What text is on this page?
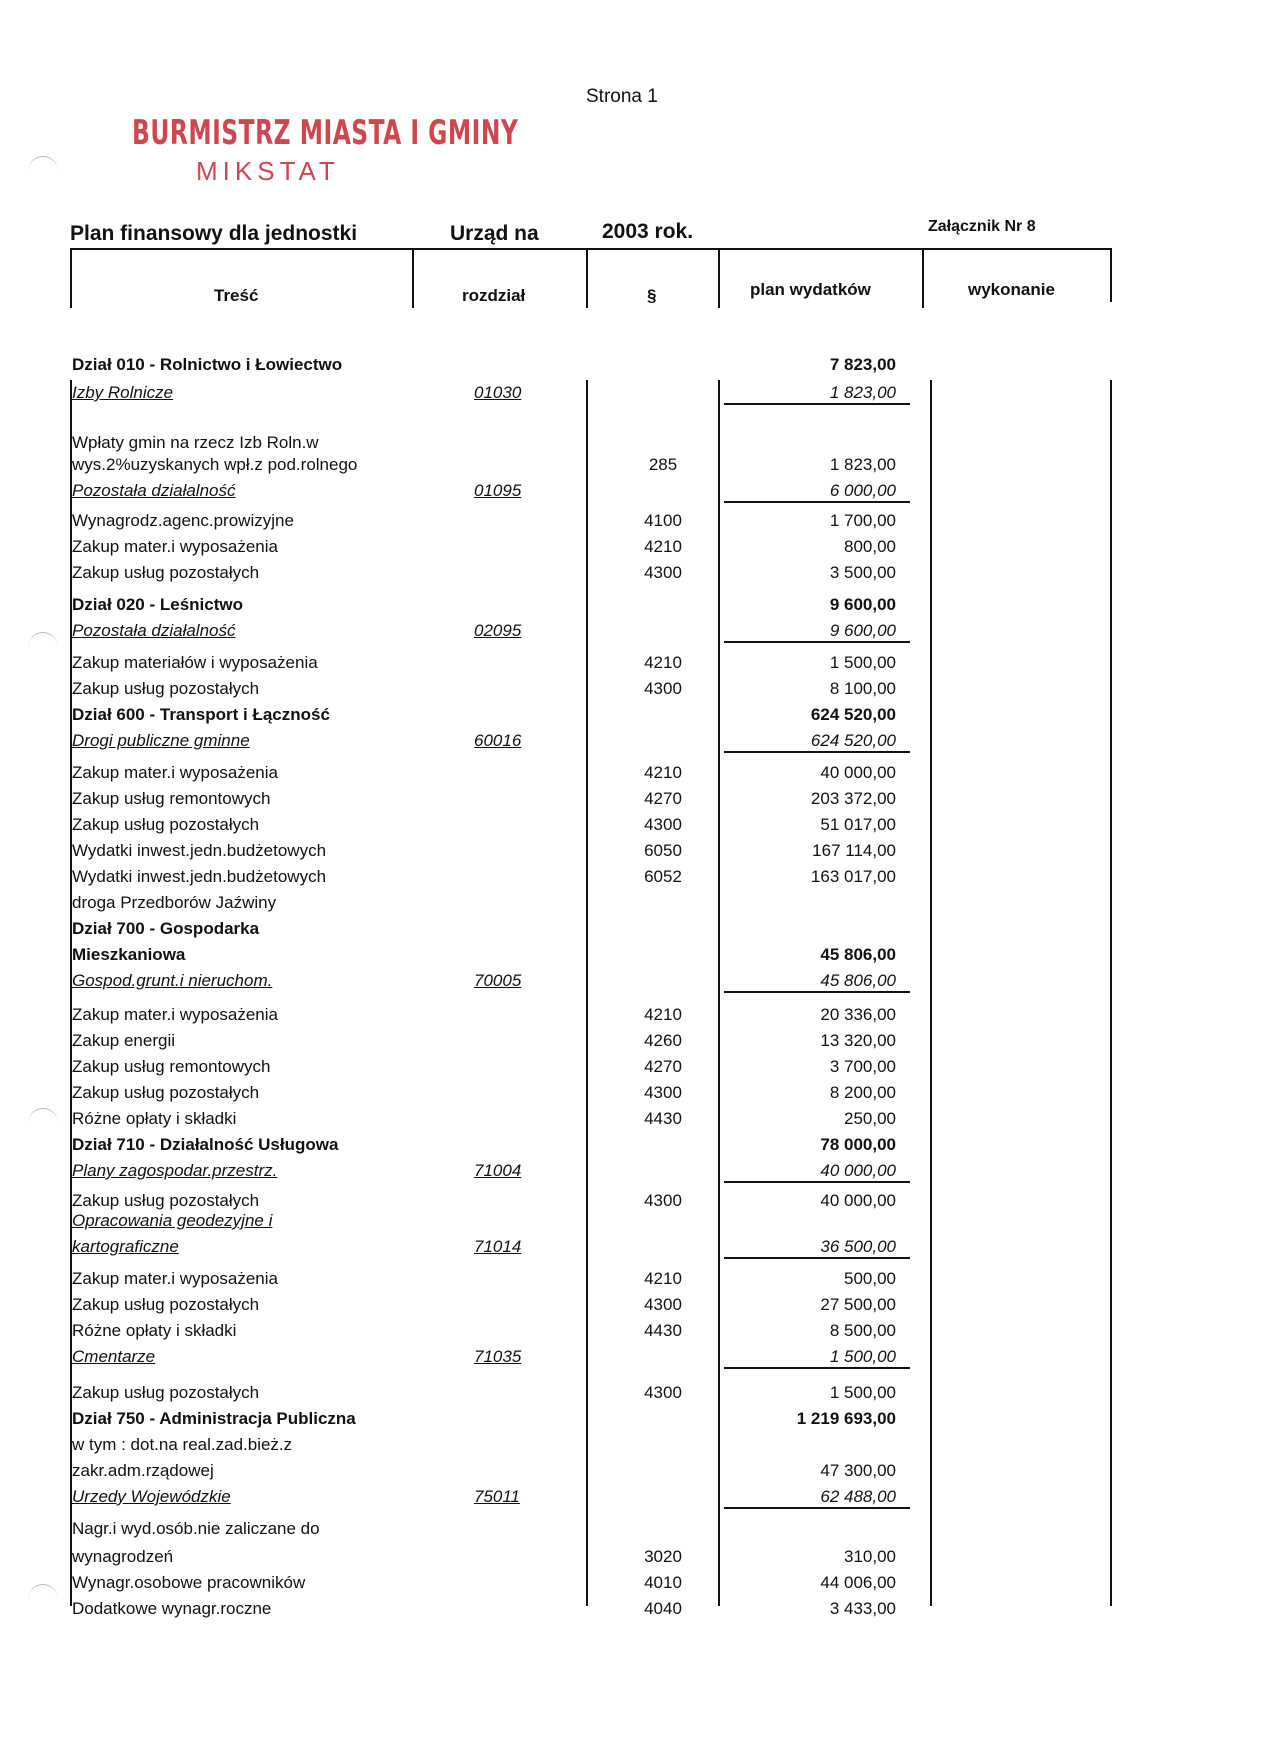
Strona 1
BURMISTRZ MIASTA I GMINY
MIKSTAT
Plan finansowy dla jednostki	Urząd na	2003 rok.	Załącznik Nr 8
Treść	rozdział	§	plan wydatków	wykonanie
Dział 010 - Rolnictwo i Łowiectwo	7 823,00
Izby Rolnicze	01030	1 823,00
Wpłaty gmin na rzecz Izb Roln.w
wys.2%uzyskanych wpł.z pod.rolnego	285	1 823,00
Pozostała działalność	01095	6 000,00
Wynagrodz.agenc.prowizyjne	4100	1 700,00
Zakup mater.i wyposażenia	4210	800,00
Zakup usług pozostałych	4300	3 500,00
Dział 020 - Leśnictwo	9 600,00
Pozostała działalność	02095	9 600,00
Zakup materiałów i wyposażenia	4210	1 500,00
Zakup usług pozostałych	4300	8 100,00
Dział 600 - Transport i Łączność	624 520,00
Drogi publiczne gminne	60016	624 520,00
Zakup mater.i wyposażenia	4210	40 000,00
Zakup usług remontowych	4270	203 372,00
Zakup usług pozostałych	4300	51 017,00
Wydatki inwest.jedn.budżetowych	6050	167 114,00
Wydatki inwest.jedn.budżetowych	6052	163 017,00
droga Przedborów Jaźwiny
Dział 700 - Gospodarka
Mieszkaniowa	45 806,00
Gospod.grunt.i nieruchom.	70005	45 806,00
Zakup mater.i wyposażenia	4210	20 336,00
Zakup energii	4260	13 320,00
Zakup usług remontowych	4270	3 700,00
Zakup usług pozostałych	4300	8 200,00
Różne opłaty i składki	4430	250,00
Dział 710 - Działalność Usługowa	78 000,00
Plany zagospodar.przestrz.	71004	40 000,00
Zakup usług pozostałych	4300	40 000,00
Opracowania geodezyjne i
kartograficzne	71014	36 500,00
Zakup mater.i wyposażenia	4210	500,00
Zakup usług pozostałych	4300	27 500,00
Różne opłaty i składki	4430	8 500,00
Cmentarze	71035	1 500,00
Zakup usług pozostałych	4300	1 500,00
Dział 750 - Administracja Publiczna	1 219 693,00
w tym : dot.na real.zad.bież.z
zakr.adm.rządowej	47 300,00
Urzedy Wojewódzkie	75011	62 488,00
Nagr.i wyd.osób.nie zaliczane do
wynagrodzeń	3020	310,00
Wynagr.osobowe pracowników	4010	44 006,00
Dodatkowe wynagr.roczne	4040	3 433,00
